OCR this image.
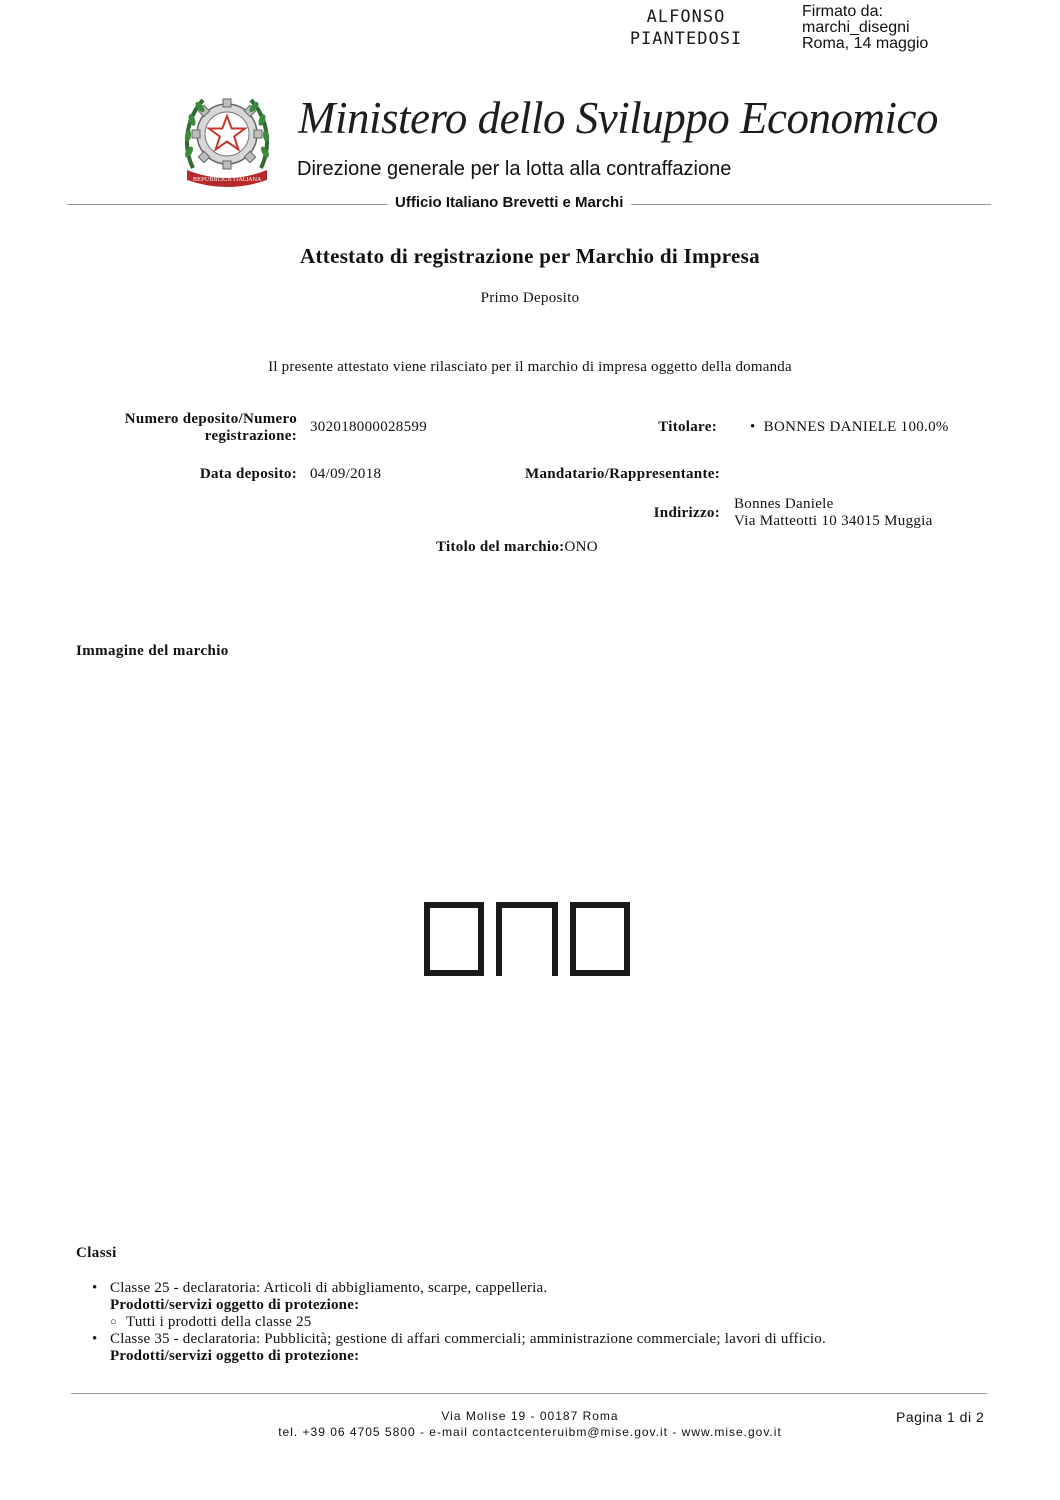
ALFONSO
PIANTEDOSI
Firmato da:
marchi_disegni
Roma, 14 maggio
REPUBBLICA ITALIANA
Ministero dello Sviluppo Economico
Direzione generale per la lotta alla contraffazione
Ufficio Italiano Brevetti e Marchi
Attestato di registrazione per Marchio di Impresa
Primo Deposito
Il presente attestato viene rilasciato per il marchio di impresa oggetto della domanda
Numero deposito/Numero
registrazione:
302018000028599	Titolare: •  BONNES DANIELE 100.0%
Data deposito: 04/09/2018	Mandatario/Rappresentante:
Indirizzo:
Bonnes Daniele
Via Matteotti 10 34015 Muggia
Titolo del marchio:ONO
Immagine del marchio
Classi
• Classe 25 - declaratoria: Articoli di abbigliamento, scarpe, cappelleria.
Prodotti/servizi oggetto di protezione:
○ Tutti i prodotti della classe 25
• Classe 35 - declaratoria: Pubblicità; gestione di affari commerciali; amministrazione commerciale; lavori di ufficio.
Prodotti/servizi oggetto di protezione:
Via Molise 19 - 00187 Roma
tel. +39 06 4705 5800 - e-mail contactcenteruibm@mise.gov.it - www.mise.gov.it
Pagina 1 di 2
